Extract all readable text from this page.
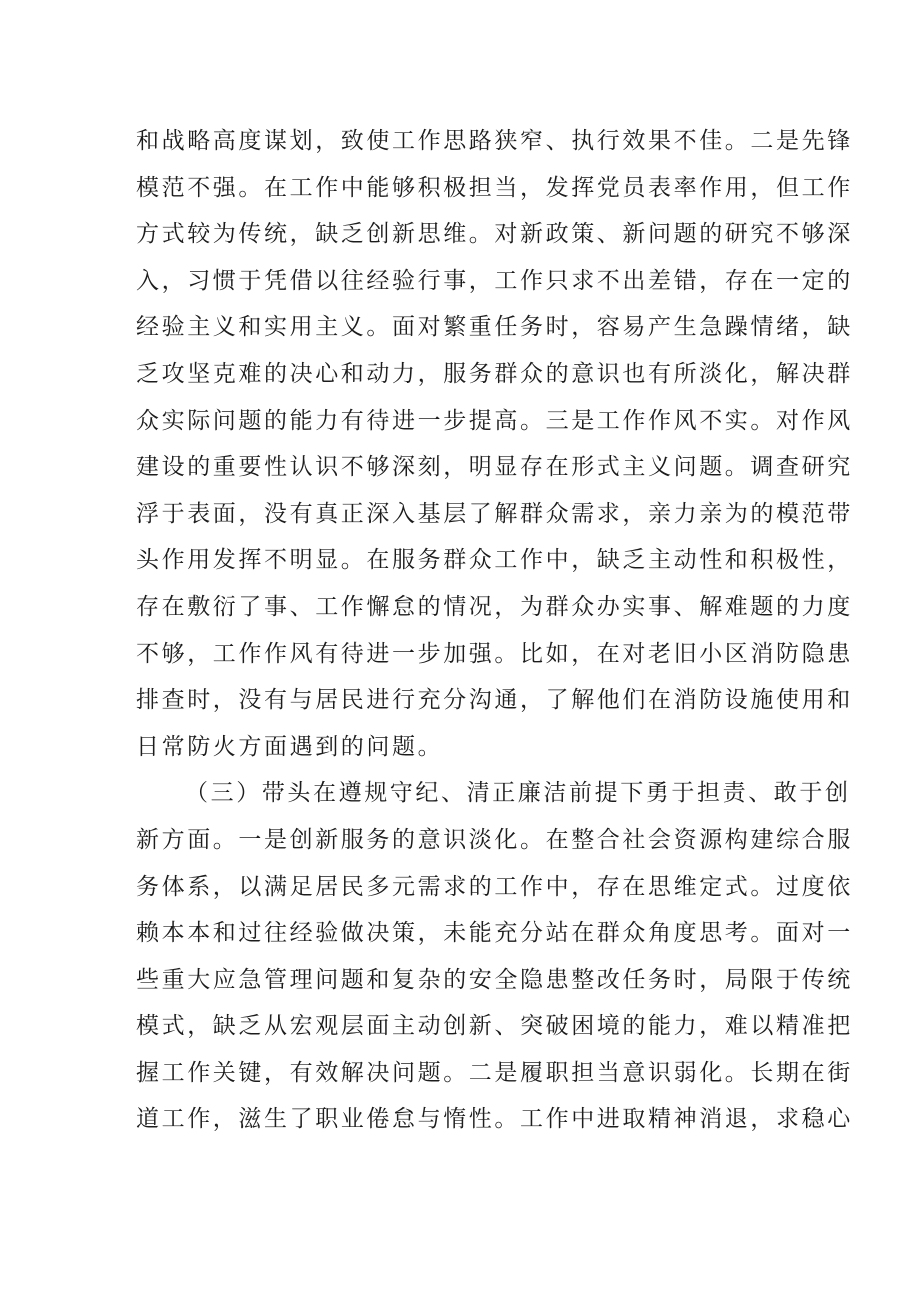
和战略高度谋划，致使工作思路狭窄、执行效果不佳。二是先锋
模范不强。在工作中能够积极担当，发挥党员表率作用，但工作
方式较为传统，缺乏创新思维。对新政策、新问题的研究不够深
入，习惯于凭借以往经验行事，工作只求不出差错，存在一定的
经验主义和实用主义。面对繁重任务时，容易产生急躁情绪，缺
乏攻坚克难的决心和动力，服务群众的意识也有所淡化，解决群
众实际问题的能力有待进一步提高。三是工作作风不实。对作风
建设的重要性认识不够深刻，明显存在形式主义问题。调查研究
浮于表面，没有真正深入基层了解群众需求，亲力亲为的模范带
头作用发挥不明显。在服务群众工作中，缺乏主动性和积极性，
存在敷衍了事、工作懈怠的情况，为群众办实事、解难题的力度
不够，工作作风有待进一步加强。比如，在对老旧小区消防隐患
排查时，没有与居民进行充分沟通，了解他们在消防设施使用和
日常防火方面遇到的问题。
（三）带头在遵规守纪、清正廉洁前提下勇于担责、敢于创
新方面。一是创新服务的意识淡化。在整合社会资源构建综合服
务体系，以满足居民多元需求的工作中，存在思维定式。过度依
赖本本和过往经验做决策，未能充分站在群众角度思考。面对一
些重大应急管理问题和复杂的安全隐患整改任务时，局限于传统
模式，缺乏从宏观层面主动创新、突破困境的能力，难以精准把
握工作关键，有效解决问题。二是履职担当意识弱化。长期在街
道工作，滋生了职业倦怠与惰性。工作中进取精神消退，求稳心
